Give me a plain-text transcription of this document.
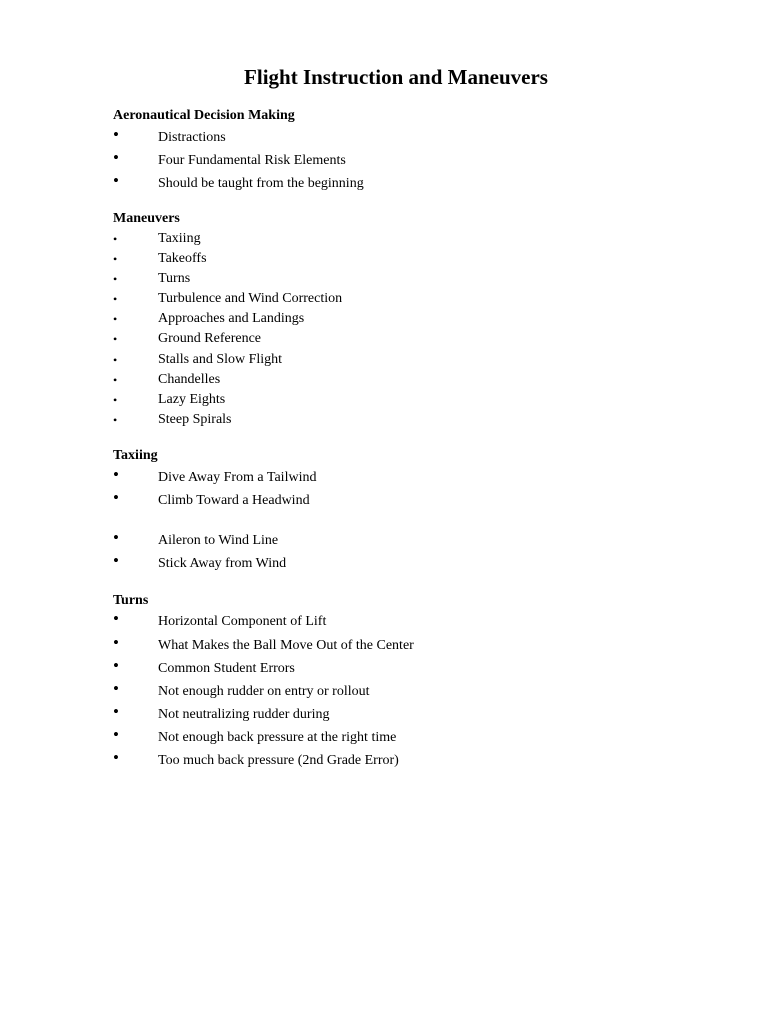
Flight Instruction and Maneuvers
Aeronautical Decision Making
•	Distractions
•	Four Fundamental Risk Elements
•	Should be taught from the beginning
Maneuvers
•	Taxiing
•	Takeoffs
•	Turns
•	Turbulence and Wind Correction
•	Approaches and Landings
•	Ground Reference
•	Stalls and Slow Flight
•	Chandelles
•	Lazy Eights
•	Steep Spirals
Taxiing
•	Dive Away From a Tailwind
•	Climb Toward a Headwind
•	Aileron to Wind Line
•	Stick Away from Wind
Turns
•	Horizontal Component of Lift
•	What Makes the Ball Move Out of the Center
•	Common Student Errors
•	Not enough rudder on entry or rollout
•	Not neutralizing rudder during
•	Not enough back pressure at the right time
•	Too much back pressure (2nd Grade Error)
